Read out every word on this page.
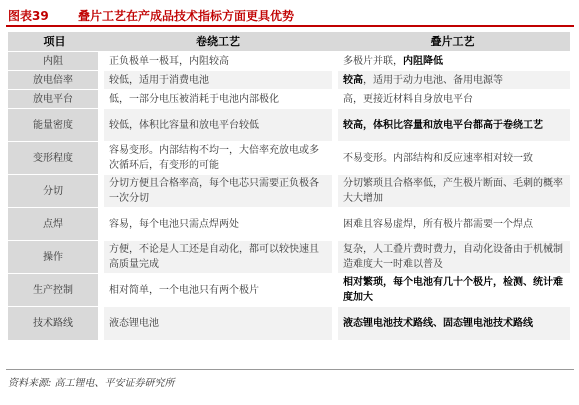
图表39 叠片工艺在产成品技术指标方面更具优势
项目	卷绕工艺	叠片工艺
内阻	正负极单一极耳，内阻较高	多极片并联，内阻降低
放电倍率	较低，适用于消费电池	较高，适用于动力电池、备用电源等
放电平台	低，一部分电压被消耗于电池内部极化	高，更接近材料自身放电平台
能量密度	较低，体积比容量和放电平台较低	较高，体积比容量和放电平台都高于卷绕工艺
变形程度	容易变形。内部结构不均一，大倍率充放电或多次循环后，有变形的可能	不易变形。内部结构和反应速率相对较一致
分切	分切方便且合格率高，每个电芯只需要正负极各一次分切	分切繁琐且合格率低，产生极片断面、毛刺的概率大大增加
点焊	容易，每个电池只需点焊两处	困难且容易虚焊，所有极片都需要一个焊点
操作	方便，不论是人工还是自动化，都可以较快速且高质量完成	复杂，人工叠片费时费力，自动化设备由于机械制造难度大一时难以普及
生产控制	相对简单，一个电池只有两个极片	相对繁琐，每个电池有几十个极片，检测、统计难度加大
技术路线	液态锂电池	液态锂电池技术路线、固态锂电池技术路线
资料来源: 高工锂电、平安证券研究所
